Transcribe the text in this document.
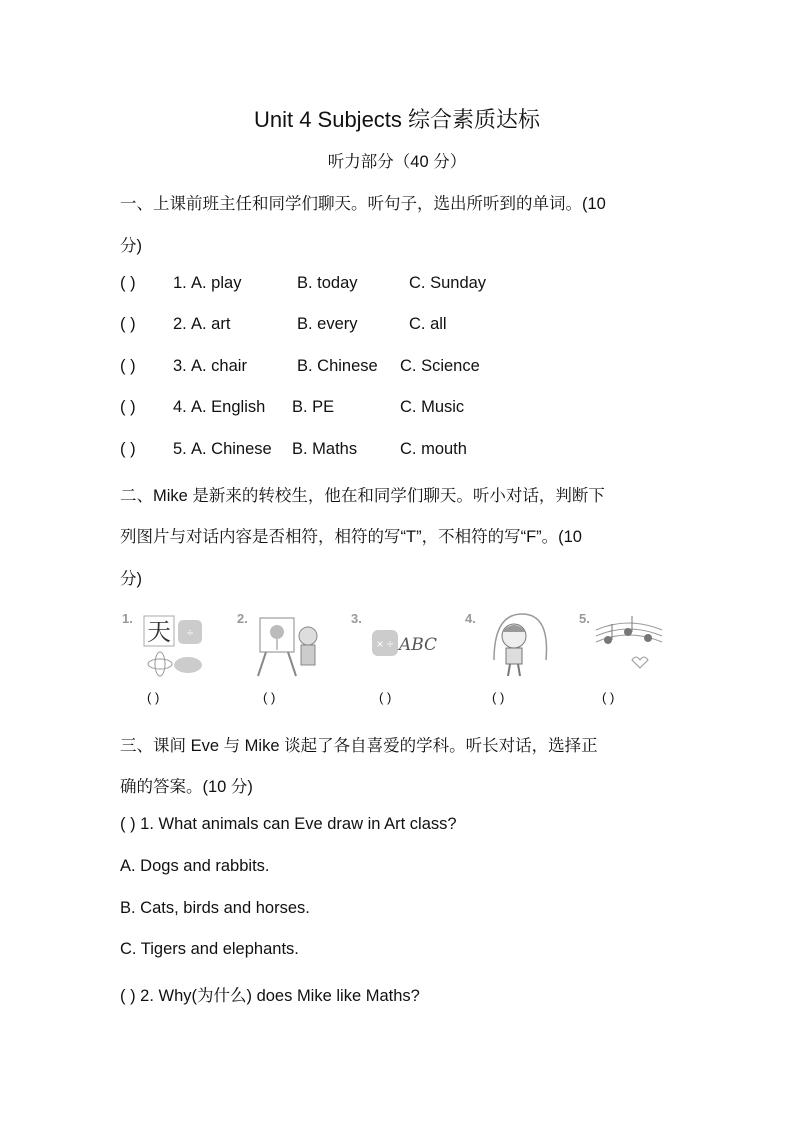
Unit 4 Subjects 综合素质达标
听力部分（40 分）
一、上课前班主任和同学们聊天。听句子，选出所听到的单词。(10
分)
( ) 1. A. play	B. today	C. Sunday
( ) 2. A. art	B. every	C. all
( ) 3. A. chair	B. Chinese C. Science
( ) 4. A. English B. PE	C. Music
( ) 5. A. Chinese B. Maths	C. mouth
二、Mike 是新来的转校生，他在和同学们聊天。听小对话，判断下
列图片与对话内容是否相符，相符的写“T”，不相符的写“F”。(10
分)
1. 天 ÷
( )
2.
( )
3.
× ÷ ABC
( )
4.
( )
5.
( )
三、课间 Eve 与 Mike 谈起了各自喜爱的学科。听长对话，选择正
确的答案。(10 分)
( ) 1. What animals can Eve draw in Art class?
A. Dogs and rabbits.
B. Cats, birds and horses.
C. Tigers and elephants.
( ) 2. Why(为什么) does Mike like Maths?
